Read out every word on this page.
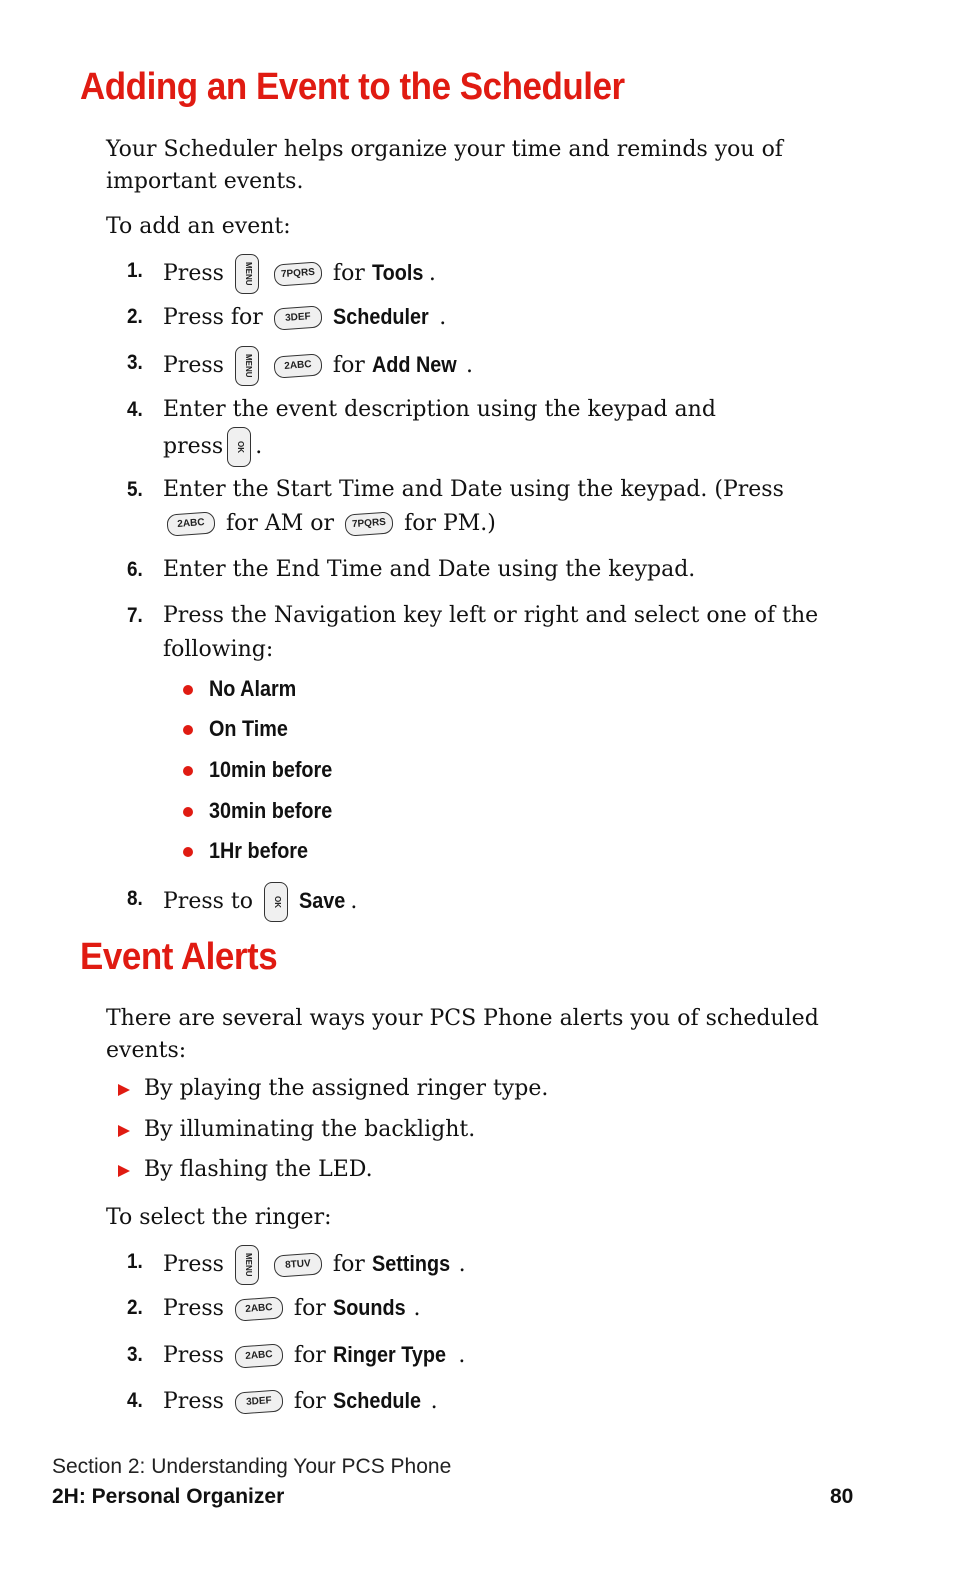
Adding an Event to the Scheduler

Your Scheduler helps organize your time and reminds you of important events.

To add an event:

1. Press	MENU	7PQRS for Tools .
2. Press for 3DEF Scheduler .
3. Press	MENU	2ABC for Add New .
4. Enter the event description using the keypad and
press OK .
5. Enter the Start Time and Date using the keypad. (Press
2ABC for AM or 7PQRS for PM.)
6. Enter the End Time and Date using the keypad.
7. Press the Navigation key left or right and select one of the
following:
No Alarm
On Time
10min before
30min before
1Hr before
8. Press to	OK Save .
Event Alerts

There are several ways your PCS Phone alerts you of scheduled events:

By playing the assigned ringer type.
By illuminating the backlight.
By flashing the LED.

To select the ringer:

1. Press	MENU	8TUV for Settings .
2. Press 2ABC for Sounds .
3. Press 2ABC for Ringer Type .
4. Press 3DEF for Schedule .
Section 2: Understanding Your PCS Phone
2H: Personal Organizer	80
